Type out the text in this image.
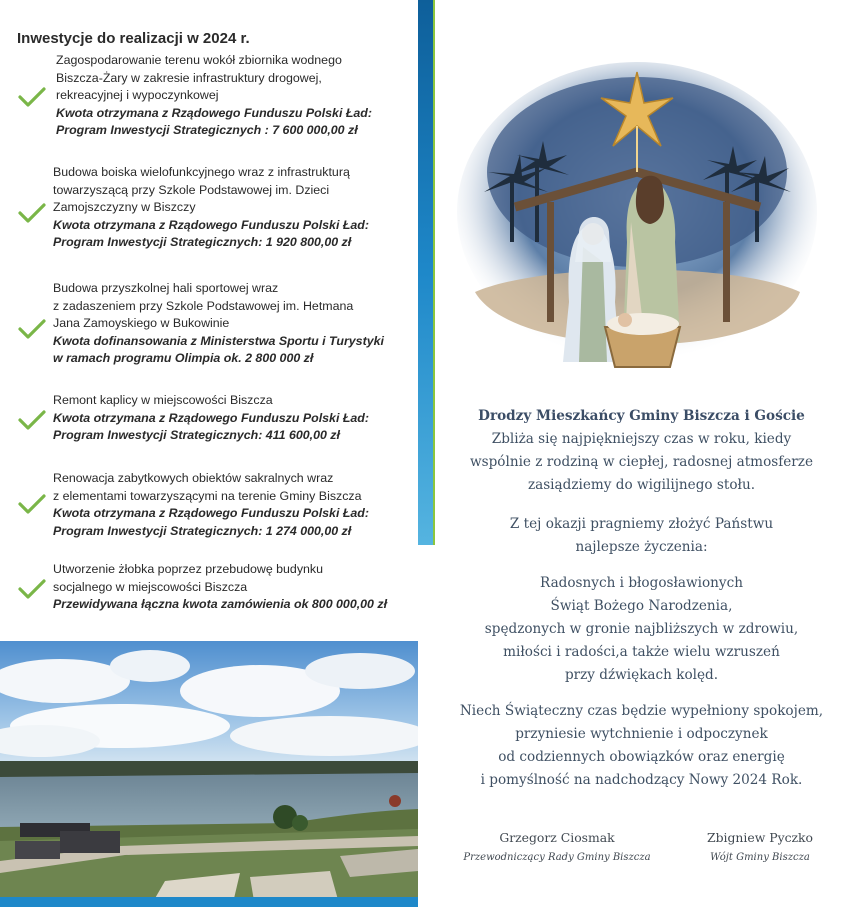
Inwestycje do realizacji w 2024 r.
Zagospodarowanie terenu wokół zbiornika wodnego
Biszcza-Żary w zakresie infrastruktury drogowej,
rekreacyjnej i wypoczynkowej
Kwota otrzymana z Rządowego Funduszu Polski Ład:
Program Inwestycji Strategicznych : 7 600 000,00 zł
Budowa boiska wielofunkcyjnego wraz z infrastrukturą
towarzyszącą przy Szkole Podstawowej im. Dzieci
Zamojszczyzny w Biszczy
Kwota otrzymana z Rządowego Funduszu Polski Ład:
Program Inwestycji Strategicznych: 1 920 800,00 zł
Budowa przyszkolnej hali sportowej wraz
z zadaszeniem przy Szkole Podstawowej im. Hetmana
Jana Zamoyskiego w Bukowinie
Kwota dofinansowania z Ministerstwa Sportu i Turystyki
w ramach programu Olimpia ok. 2 800 000 zł
Remont kaplicy w miejscowości Biszcza
Kwota otrzymana z Rządowego Funduszu Polski Ład:
Program Inwestycji Strategicznych: 411 600,00 zł
Renowacja zabytkowych obiektów sakralnych wraz
z elementami towarzyszącymi na terenie Gminy Biszcza
Kwota otrzymana z Rządowego Funduszu Polski Ład:
Program Inwestycji Strategicznych: 1 274 000,00 zł
Utworzenie żłobka poprzez przebudowę budynku
socjalnego w miejscowości Biszcza
Przewidywana łączna kwota zamówienia ok 800 000,00 zł
Drodzy Mieszkańcy Gminy Biszcza i Goście
Zbliża się najpiękniejszy czas w roku, kiedy
wspólnie z rodziną w ciepłej, radosnej atmosferze
zasiądziemy do wigilijnego stołu.
Z tej okazji pragniemy złożyć Państwu
najlepsze życzenia:
Radosnych i błogosławionych
Świąt Bożego Narodzenia,
spędzonych w gronie najbliższych w zdrowiu,
miłości i radości,a także wielu wzruszeń
przy dźwiękach kolęd.
Niech Świąteczny czas będzie wypełniony spokojem,
przyniesie wytchnienie i odpoczynek
od codziennych obowiązków oraz energię
i pomyślność na nadchodzący Nowy 2024 Rok.
Grzegorz Ciosmak
Przewodniczący Rady Gminy Biszcza
Zbigniew Pyczko
Wójt Gminy Biszcza
